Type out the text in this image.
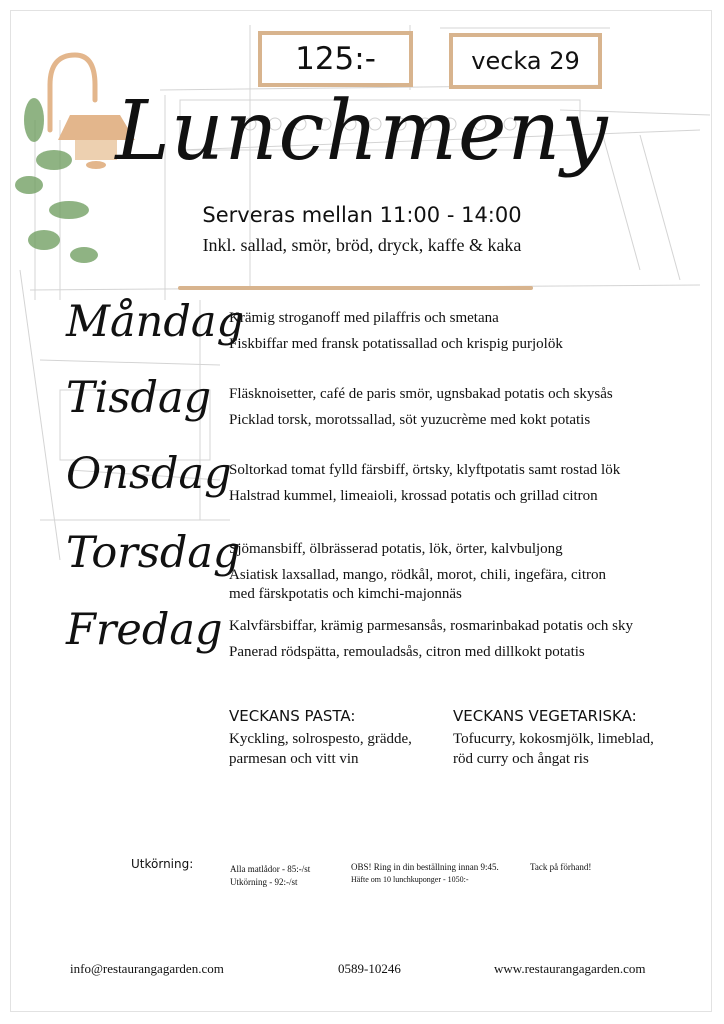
125:-	vecka 29
Lunchmeny
Serveras mellan 11:00 - 14:00
Inkl. sallad, smör, bröd, dryck, kaffe & kaka
Måndag
Krämig stroganoff med pilaffris och smetana
Fiskbiffar med fransk potatissallad och krispig purjolök
Tisdag Fläsknoisetter, café de paris smör, ugnsbakad potatis och skysås
Picklad torsk, morotssallad, söt yuzucrème med kokt potatis
Onsdag
Soltorkad tomat fylld färsbiff, örtsky, klyftpotatis samt rostad lök
Halstrad kummel, limeaioli, krossad potatis och grillad citron
Torsdag
Sjömansbiff, ölbrässerad potatis, lök, örter, kalvbuljong
Asiatisk laxsallad, mango, rödkål, morot, chili, ingefära, citron
med färskpotatis och kimchi-majonnäs
Fredag Kalvfärsbiffar, krämig parmesansås, rosmarinbakad potatis och sky
Panerad rödspätta, remouladsås, citron med dillkokt potatis
VECKANS PASTA:
Kyckling, solrospesto, grädde,
parmesan och vitt vin
VECKANS VEGETARISKA:
Tofucurry, kokosmjölk, limeblad,
röd curry och ångat ris
Utkörning:	Alla matlådor - 85:-/st
Utkörning - 92:-/st
OBS! Ring in din beställning innan 9:45.
Häfte om 10 lunchkuponger - 1050:-
Tack på förhand!
info@restaurangagarden.com	0589-10246	www.restaurangagarden.com
